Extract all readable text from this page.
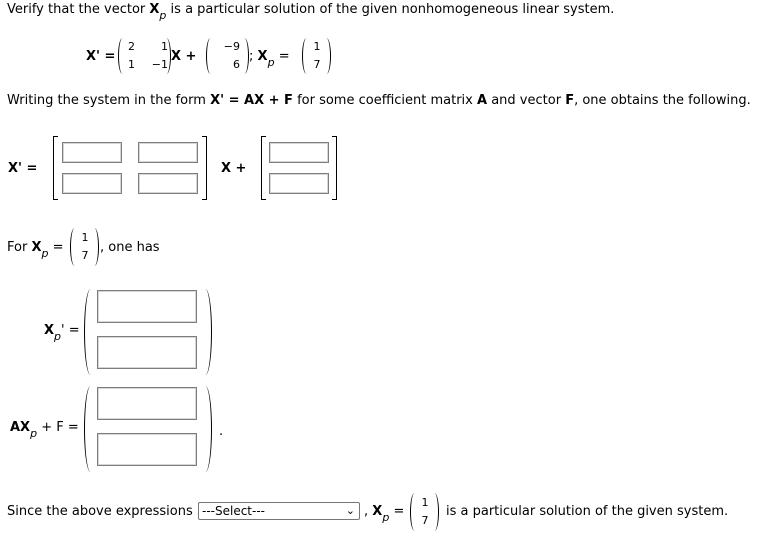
Verify that the vector $X_p$ is a particular solution of the given nonhomogeneous linear system.
X' =
2 1
1 −1
X +
−9
6
; $X_p$ =
1
7
Writing the system in the form X' = AX + F for some coefficient matrix A and vector F, one obtains the following.
X' =	X +
For $X_p$ =
1
7
, one has
$X_p'$ =
$AX_p + F$ =	.
Since the above expressions ---Select---	⌄ , $X_p$ =
1
7
is a particular solution of the given system.
